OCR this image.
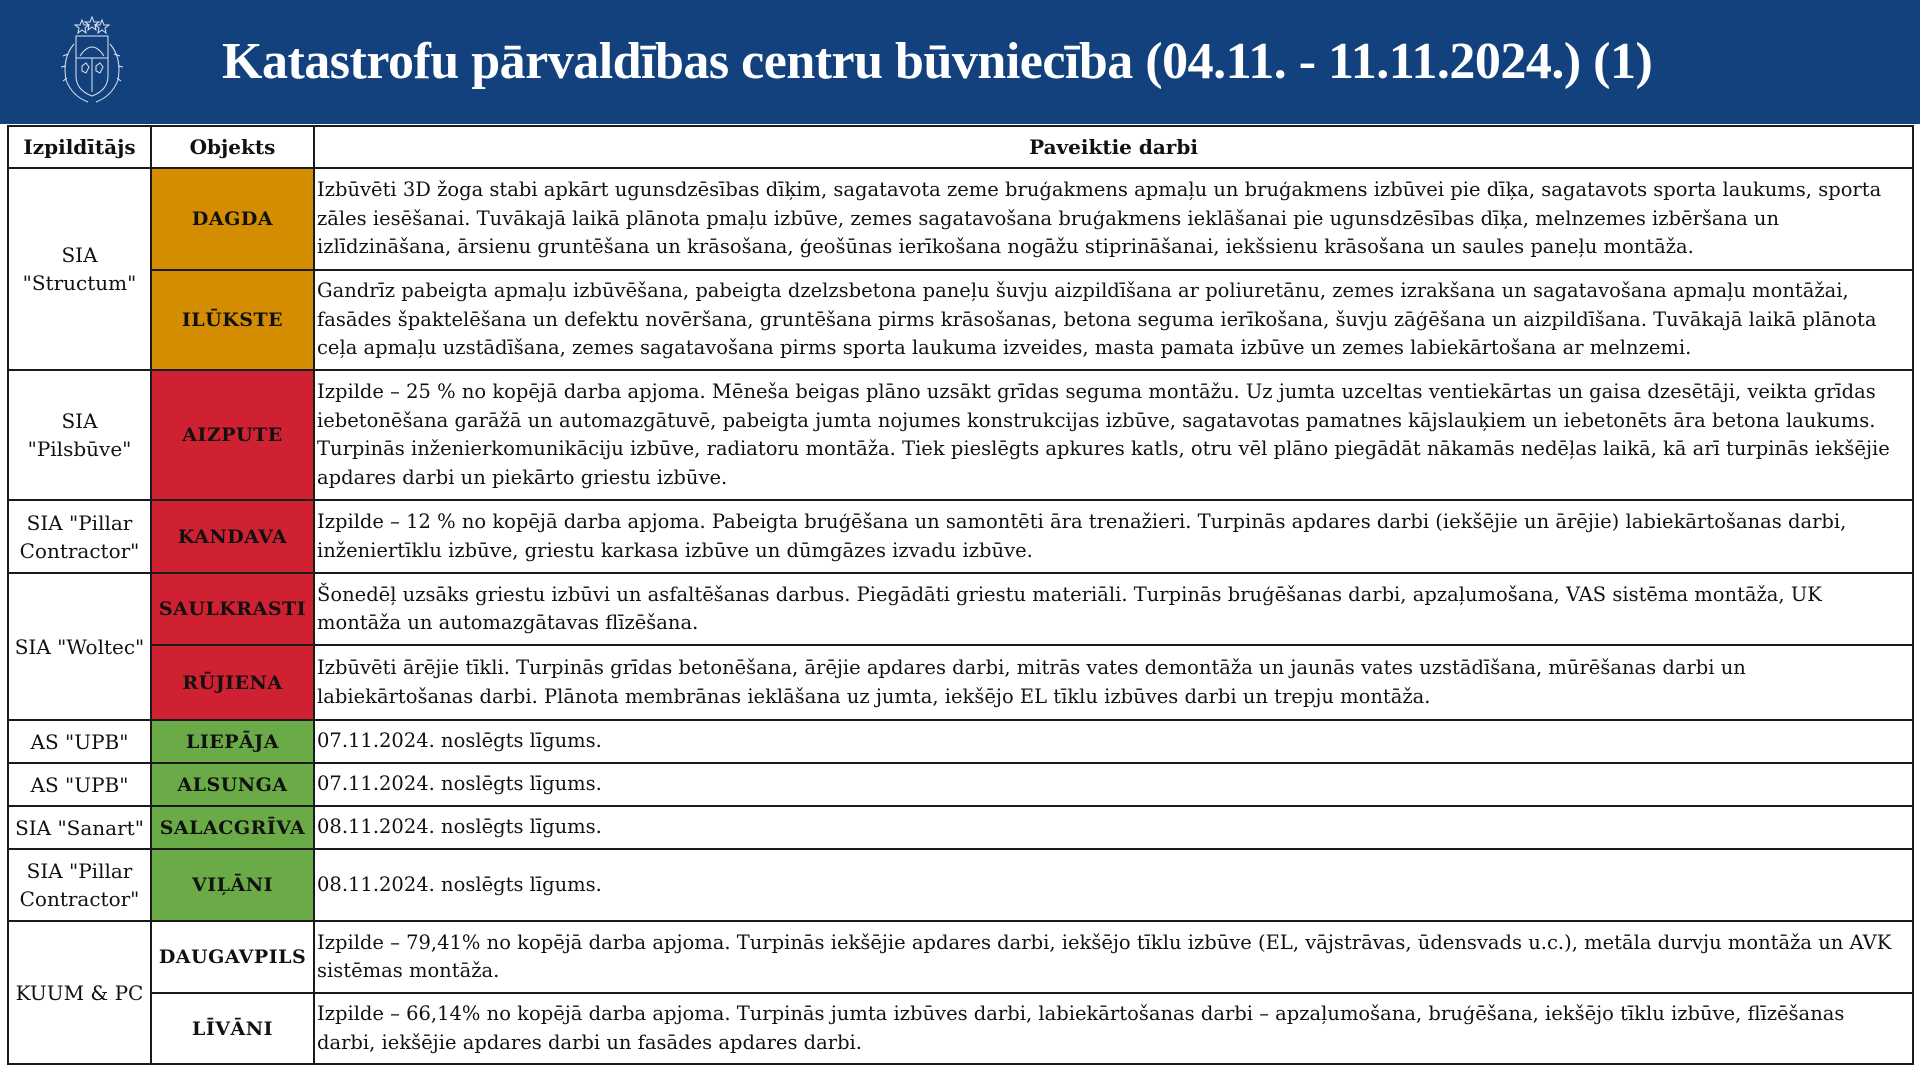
Katastrofu pārvaldības centru būvniecība (04.11. - 11.11.2024.) (1)
Izpildītājs	Objekts	Paveiktie darbi
SIA "Structum"	DAGDA	Izbūvēti 3D žoga stabi apkārt ugunsdzēsības dīķim, sagatavota zeme bruģakmens apmaļu un bruģakmens izbūvei pie dīķa, sagatavots sporta laukums, sporta zāles iesēšanai. Tuvākajā laikā plānota pmaļu izbūve, zemes sagatavošana bruģakmens ieklāšanai pie ugunsdzēsības dīķa, melnzemes izbēršana un izlīdzināšana, ārsienu gruntēšana un krāsošana, ģeošūnas ierīkošana nogāžu stiprināšanai, iekšsienu krāsošana un saules paneļu montāža.
	ILŪKSTE	Gandrīz pabeigta apmaļu izbūvēšana, pabeigta dzelzsbetona paneļu šuvju aizpildīšana ar poliuretānu, zemes izrakšana un sagatavošana apmaļu montāžai, fasādes špaktelēšana un defektu novēršana, gruntēšana pirms krāsošanas, betona seguma ierīkošana, šuvju zāģēšana un aizpildīšana. Tuvākajā laikā plānota ceļa apmaļu uzstādīšana, zemes sagatavošana pirms sporta laukuma izveides, masta pamata izbūve un zemes labiekārtošana ar melnzemi.
SIA "Pilsbūve"	AIZPUTE	Izpilde – 25 % no kopējā darba apjoma. Mēneša beigas plāno uzsākt grīdas seguma montāžu. Uz jumta uzceltas ventiekārtas un gaisa dzesētāji, veikta grīdas iebetonēšana garāžā un automazgātuvē, pabeigta jumta nojumes konstrukcijas izbūve, sagatavotas pamatnes kājslauķiem un iebetonēts āra betona laukums. Turpinās inženierkomunikāciju izbūve, radiatoru montāža. Tiek pieslēgts apkures katls, otru vēl plāno piegādāt nākamās nedēļas laikā, kā arī turpinās iekšējie apdares darbi un piekārto griestu izbūve.
SIA "Pillar Contractor"	KANDAVA	Izpilde – 12 % no kopējā darba apjoma. Pabeigta bruģēšana un samontēti āra trenažieri. Turpinās apdares darbi (iekšējie un ārējie) labiekārtošanas darbi, inženiertīklu izbūve, griestu karkasa izbūve un dūmgāzes izvadu izbūve.
SIA "Woltec"	SAULKRASTI	Šonedēļ uzsāks griestu izbūvi un asfaltēšanas darbus. Piegādāti griestu materiāli. Turpinās bruģēšanas darbi, apzaļumošana, VAS sistēma montāža, UK montāža un automazgātavas flīzēšana.
	RŪJIENA	Izbūvēti ārējie tīkli. Turpinās grīdas betonēšana, ārējie apdares darbi, mitrās vates demontāža un jaunās vates uzstādīšana, mūrēšanas darbi un labiekārtošanas darbi. Plānota membrānas ieklāšana uz jumta, iekšējo EL tīklu izbūves darbi un trepju montāža.
AS "UPB"	LIEPĀJA	07.11.2024. noslēgts līgums.
AS "UPB"	ALSUNGA	07.11.2024. noslēgts līgums.
SIA "Sanart"	SALACGRĪVA	08.11.2024. noslēgts līgums.
SIA "Pillar Contractor"	VIĻĀNI	08.11.2024. noslēgts līgums.
KUUM & PC	DAUGAVPILS	Izpilde – 79,41% no kopējā darba apjoma. Turpinās iekšējie apdares darbi, iekšējo tīklu izbūve (EL, vājstrāvas, ūdensvads u.c.), metāla durvju montāža un AVK sistēmas montāža.
	LĪVĀNI	Izpilde – 66,14% no kopējā darba apjoma. Turpinās jumta izbūves darbi, labiekārtošanas darbi – apzaļumošana, bruģēšana, iekšējo tīklu izbūve, flīzēšanas darbi, iekšējie apdares darbi un fasādes apdares darbi.
